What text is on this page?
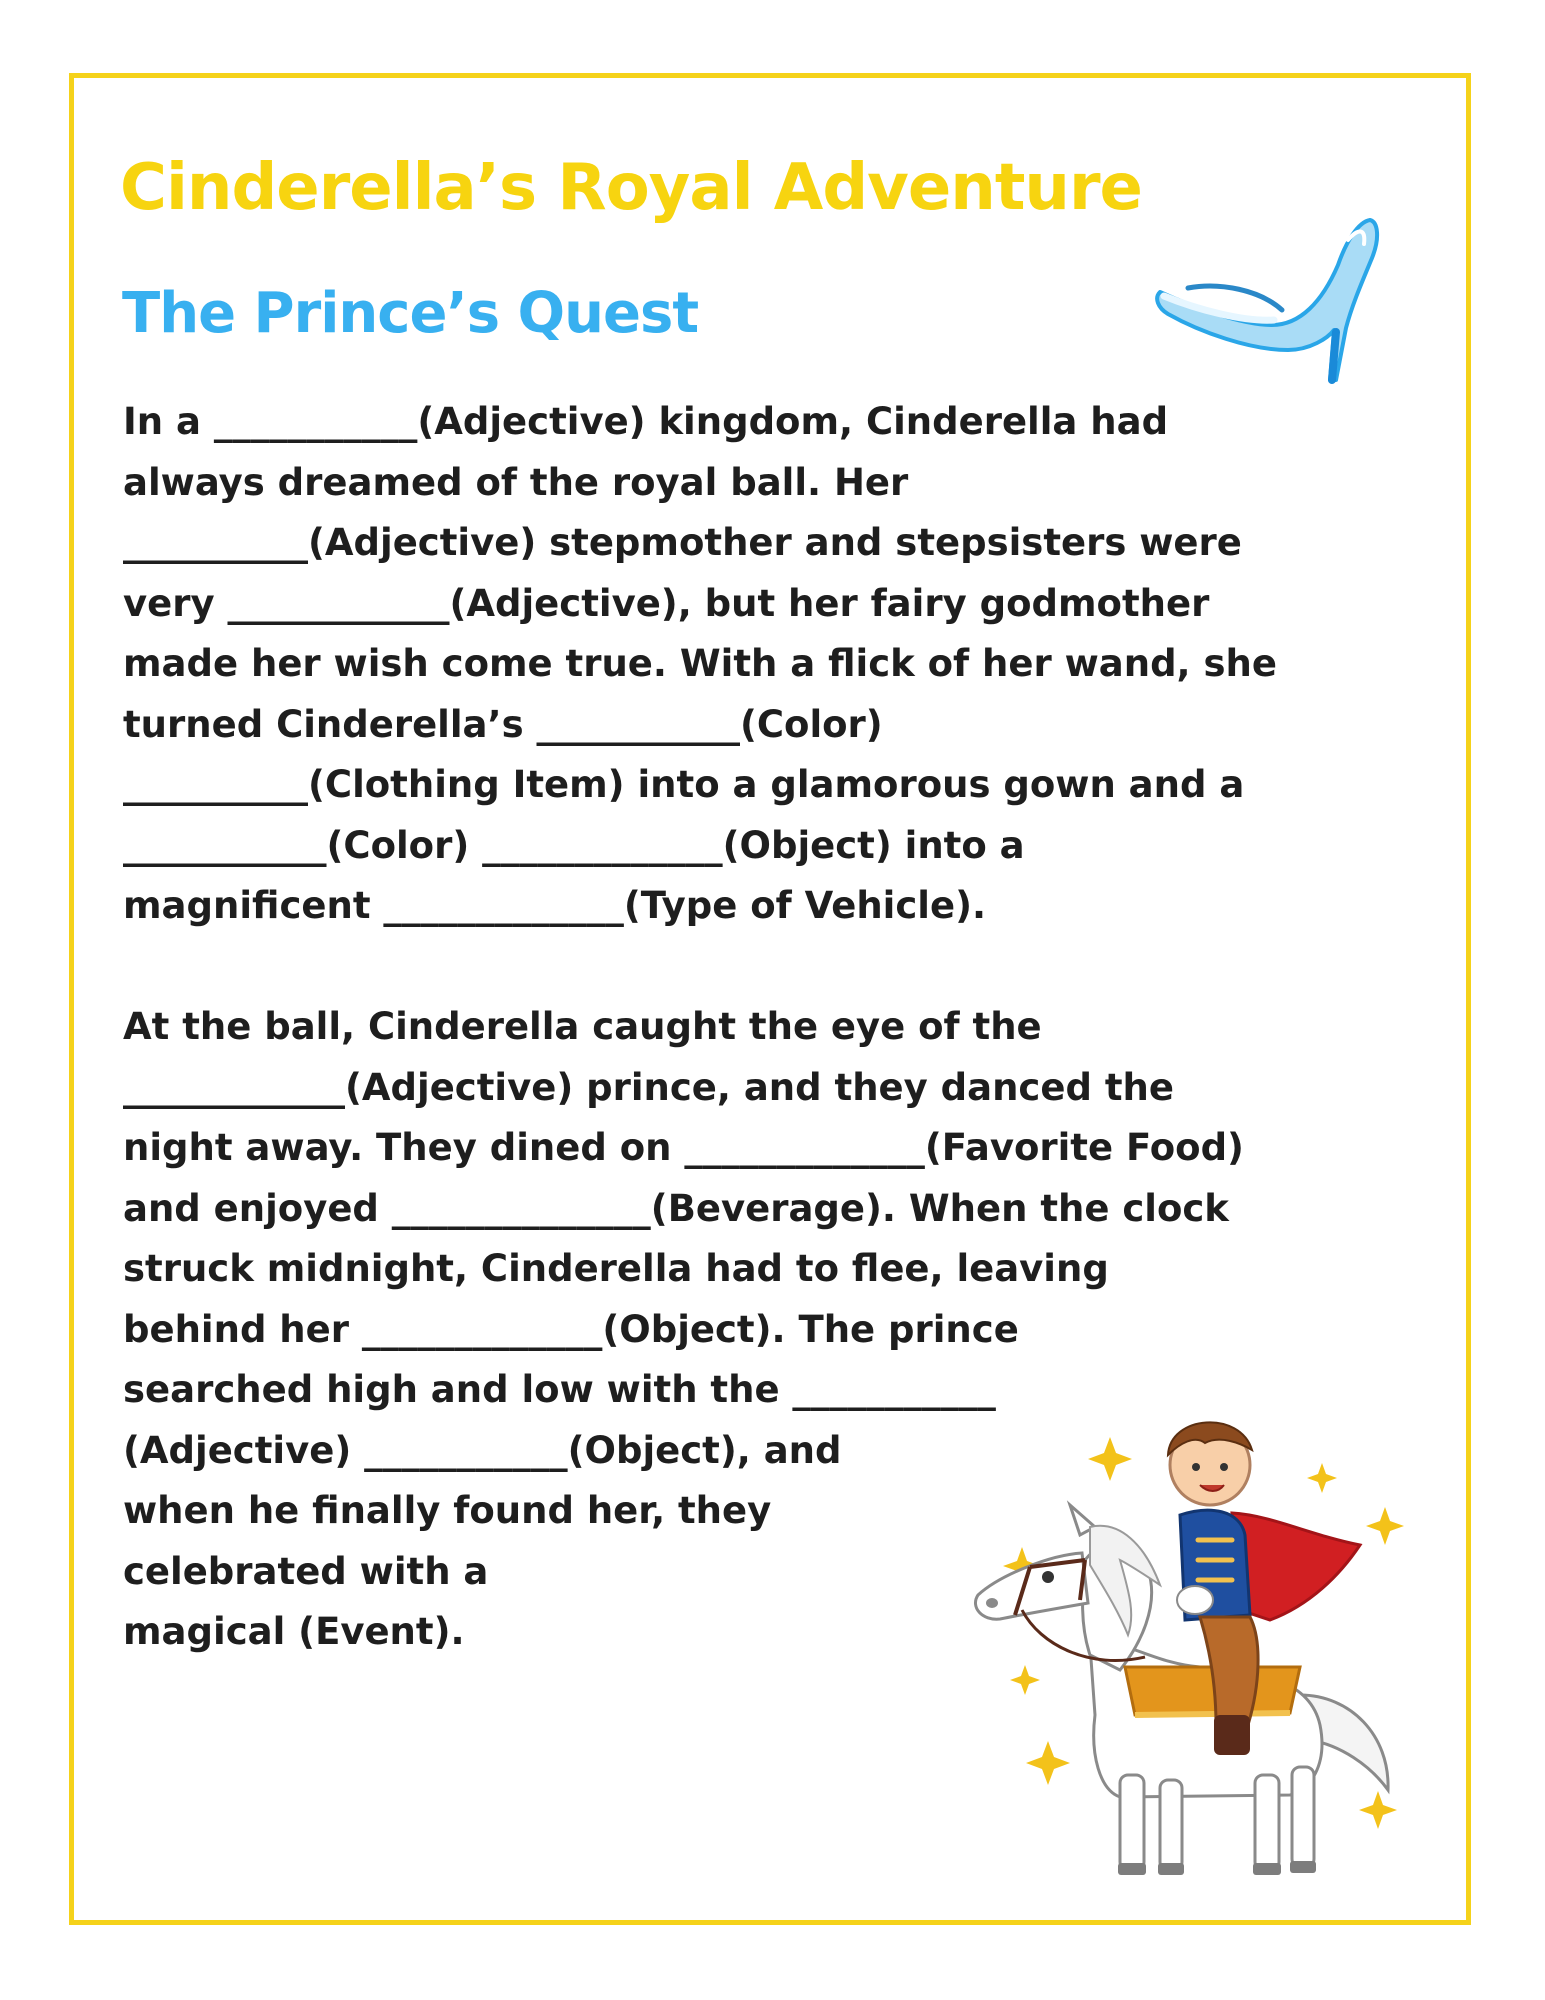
Cinderella’s Royal Adventure
The Prince’s Quest
In a ___________(Adjective) kingdom, Cinderella had
always dreamed of the royal ball. Her
__________(Adjective) stepmother and stepsisters were
very ____________(Adjective), but her fairy godmother
made her wish come true. With a flick of her wand, she
turned Cinderella’s ___________(Color)
__________(Clothing Item) into a glamorous gown and a
___________(Color) _____________(Object) into a
magnificent _____________(Type of Vehicle).
At the ball, Cinderella caught the eye of the
____________(Adjective) prince, and they danced the
night away. They dined on _____________(Favorite Food)
and enjoyed ______________(Beverage). When the clock
struck midnight, Cinderella had to flee, leaving
behind her _____________(Object). The prince
searched high and low with the ___________
(Adjective) ___________(Object), and
when he finally found her, they
celebrated with a
magical (Event).
